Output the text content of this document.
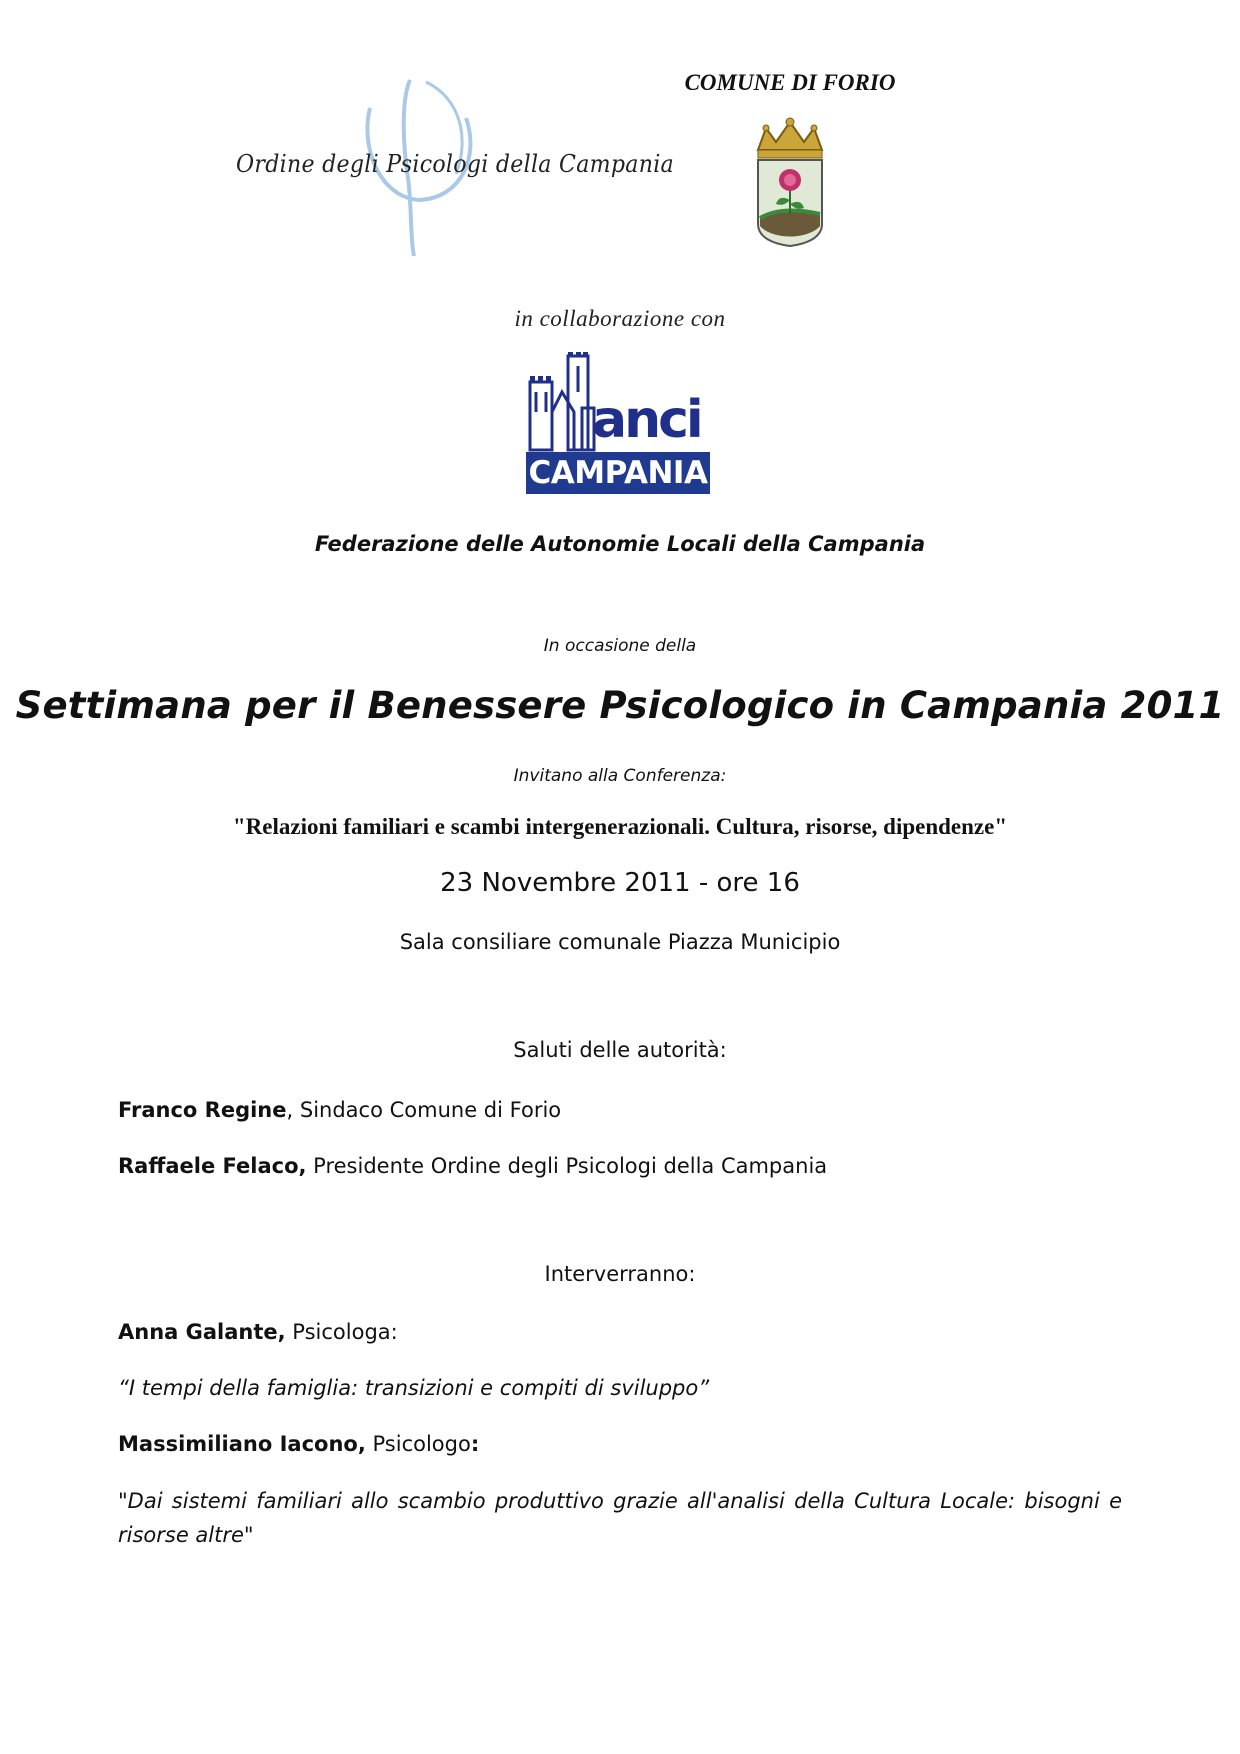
Ordine degli Psicologi della Campania
COMUNE DI FORIO
in collaborazione con
anci
CAMPANIA
Federazione delle Autonomie Locali della Campania
In occasione della
Settimana per il Benessere Psicologico in Campania 2011
Invitano alla Conferenza:
"Relazioni familiari e scambi intergenerazionali. Cultura, risorse, dipendenze"
23 Novembre 2011 - ore 16
Sala consiliare comunale Piazza Municipio
Saluti delle autorità:
Franco Regine, Sindaco Comune di Forio
Raffaele Felaco, Presidente Ordine degli Psicologi della Campania
Interverranno:
Anna Galante, Psicologa:
“I tempi della famiglia: transizioni e compiti di sviluppo”
Massimiliano Iacono, Psicologo:
"Dai sistemi familiari allo scambio produttivo grazie all'analisi della Cultura Locale: bisogni e risorse altre"
